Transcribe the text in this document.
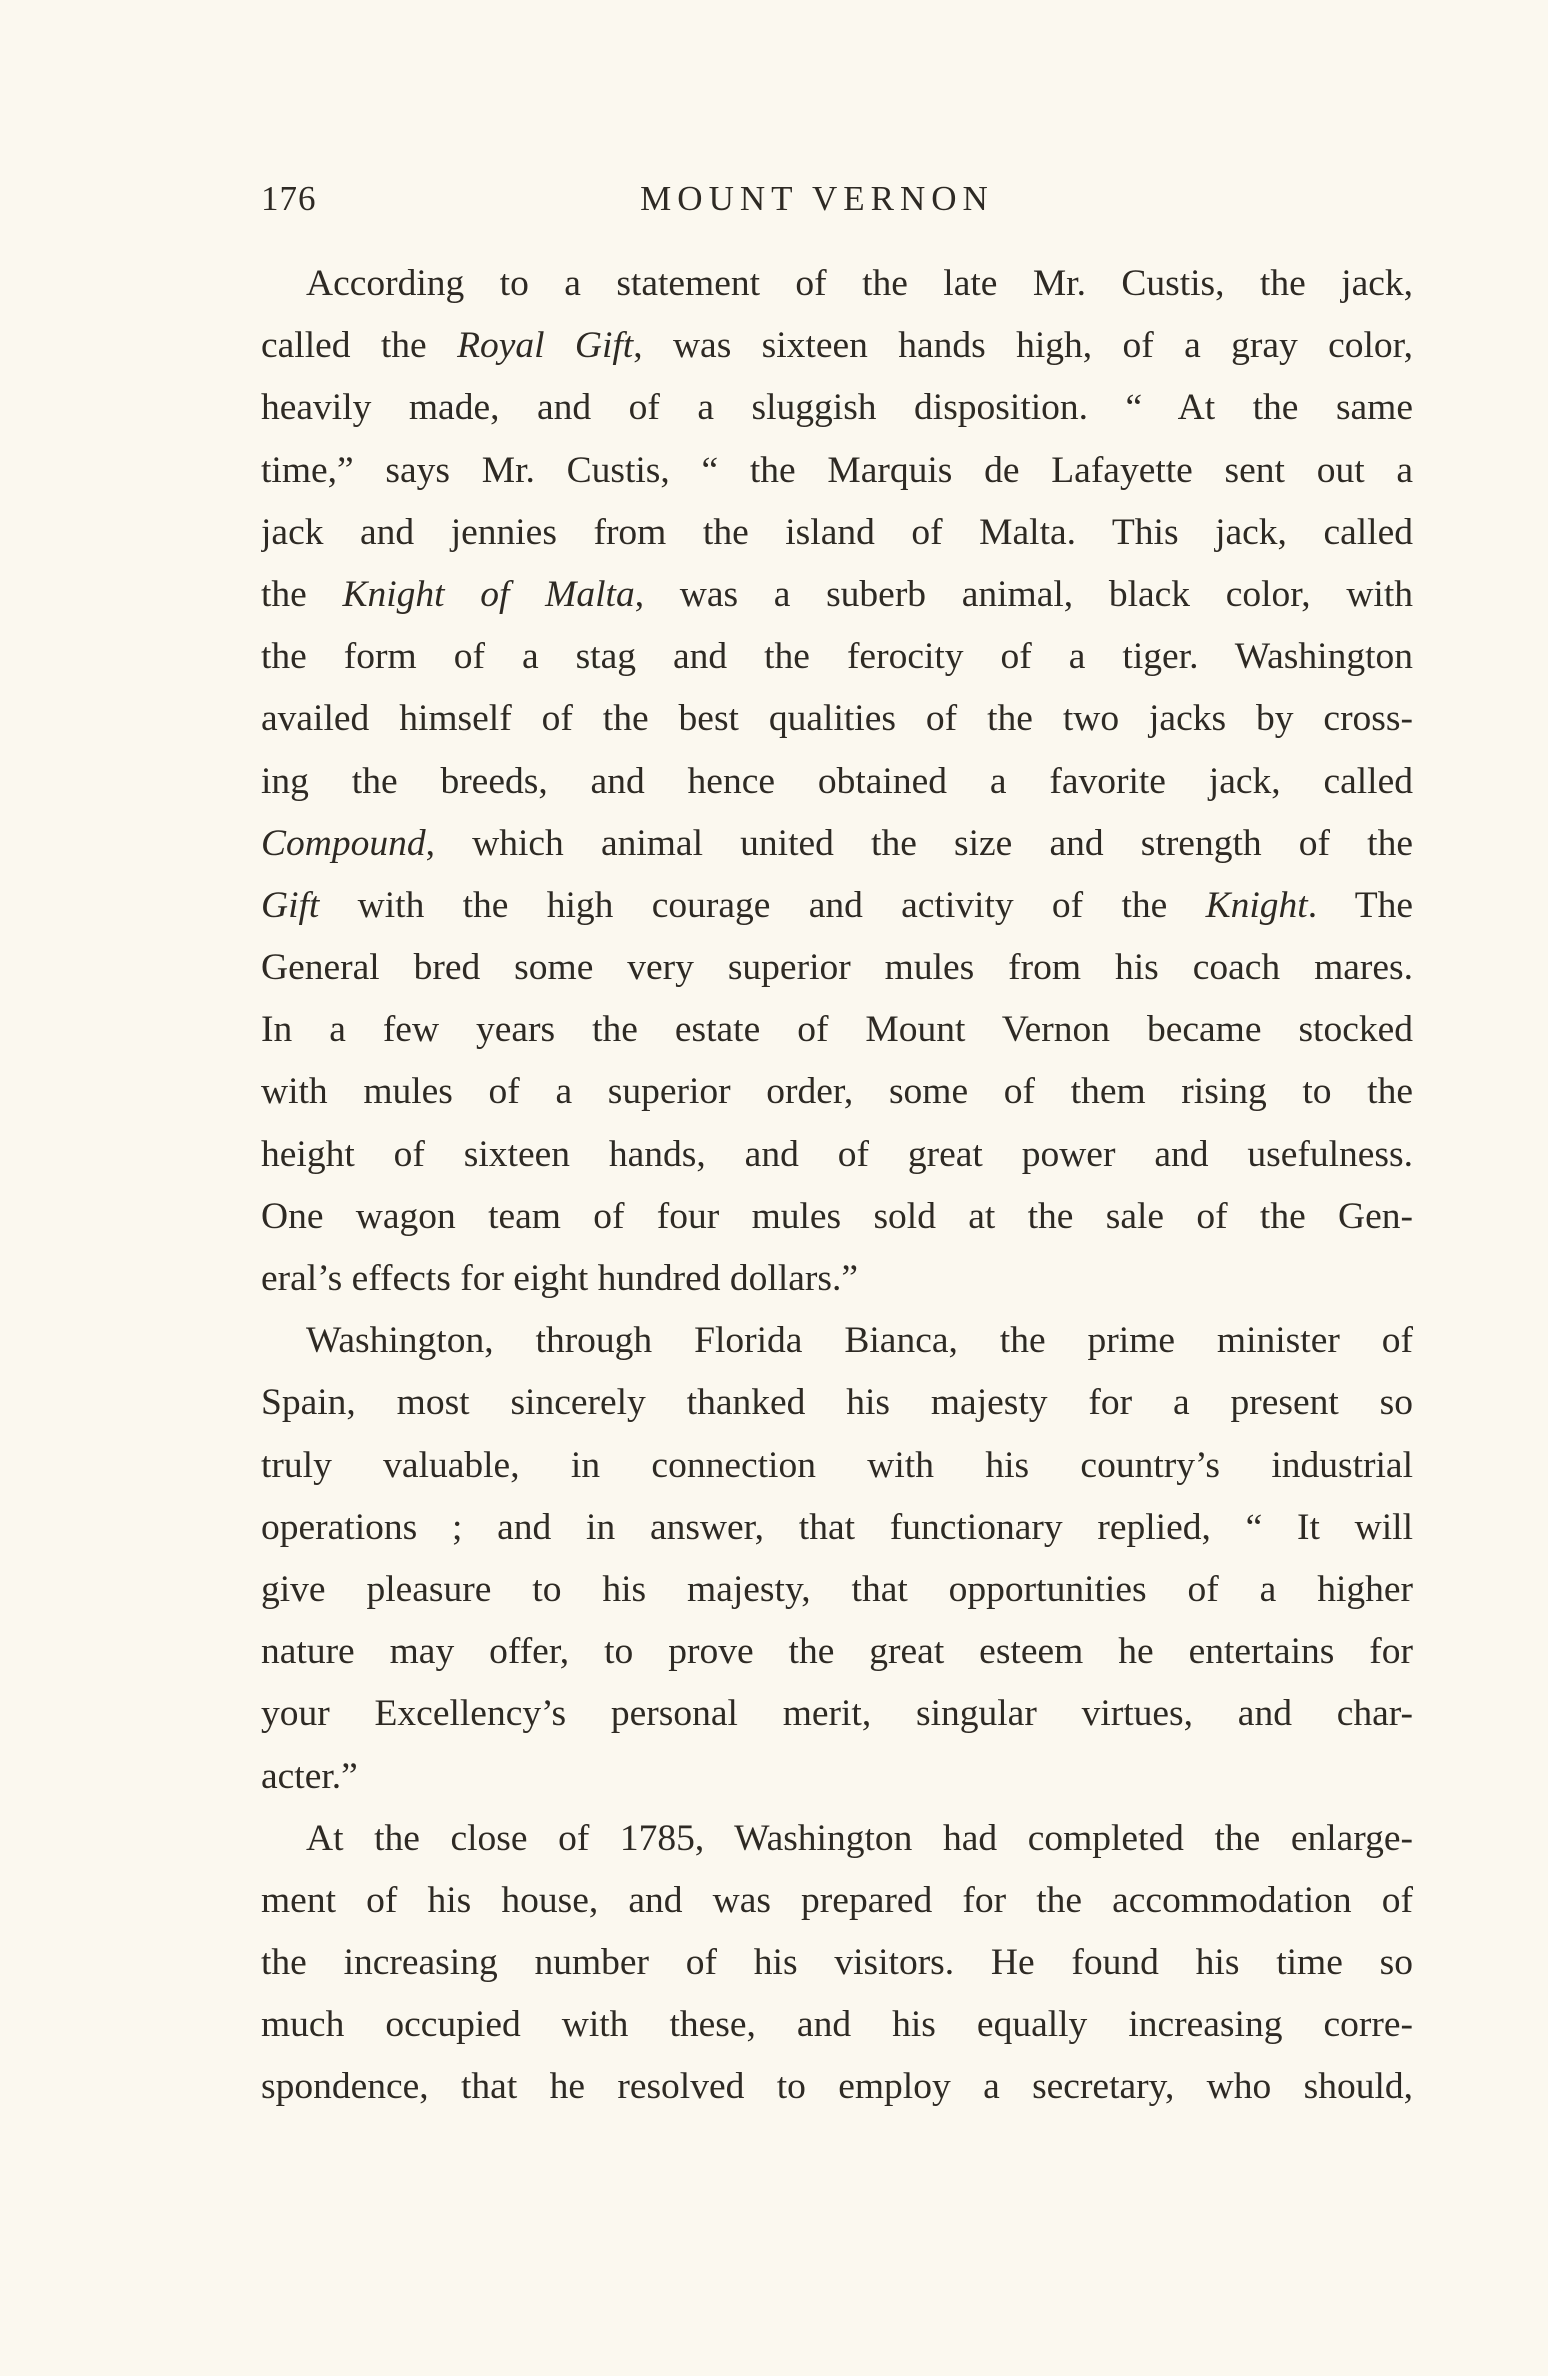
176	MOUNT VERNON
According to a statement of the late Mr. Custis, the jack,
called the Royal Gift, was sixteen hands high, of a gray color,
heavily made, and of a sluggish disposition. “ At the same
time,” says Mr. Custis, “ the Marquis de Lafayette sent out a
jack and jennies from the island of Malta. This jack, called
the Knight of Malta, was a suberb animal, black color, with
the form of a stag and the ferocity of a tiger. Washington
availed himself of the best qualities of the two jacks by cross-
ing the breeds, and hence obtained a favorite jack, called
Compound, which animal united the size and strength of the
Gift with the high courage and activity of the Knight. The
General bred some very superior mules from his coach mares.
In a few years the estate of Mount Vernon became stocked
with mules of a superior order, some of them rising to the
height of sixteen hands, and of great power and usefulness.
One wagon team of four mules sold at the sale of the Gen-
eral’s effects for eight hundred dollars.”
Washington, through Florida Bianca, the prime minister of
Spain, most sincerely thanked his majesty for a present so
truly valuable, in connection with his country’s industrial
operations ; and in answer, that functionary replied, “ It will
give pleasure to his majesty, that opportunities of a higher
nature may offer, to prove the great esteem he entertains for
your Excellency’s personal merit, singular virtues, and char-
acter.”
At the close of 1785, Washington had completed the enlarge-
ment of his house, and was prepared for the accommodation of
the increasing number of his visitors. He found his time so
much occupied with these, and his equally increasing corre-
spondence, that he resolved to employ a secretary, who should,
